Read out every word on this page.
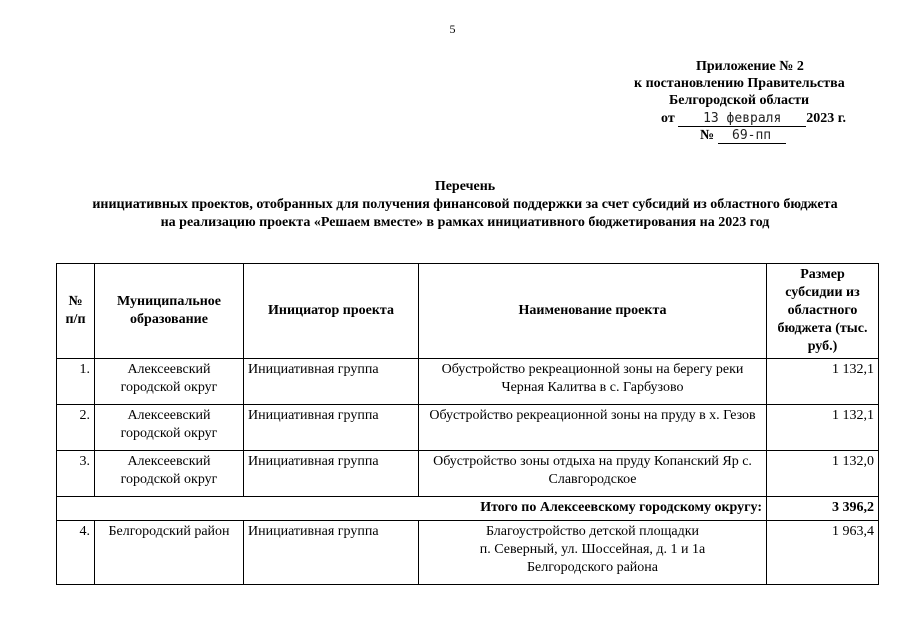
5
Приложение № 2
к постановлению Правительства
Белгородской области
от 13 февраля 2023 г.
№ 69-пп
Перечень
инициативных проектов, отобранных для получения финансовой поддержки за счет субсидий из областного бюджета
на реализацию проекта «Решаем вместе» в рамках инициативного бюджетирования на 2023 год
№ п/п	Муниципальное образование	Инициатор проекта	Наименование проекта	Размер субсидии из областного бюджета (тыс. руб.)
1.	Алексеевский городской округ	Инициативная группа	Обустройство рекреационной зоны на берегу реки Черная Калитва в с. Гарбузово	1 132,1
2.	Алексеевский городской округ	Инициативная группа	Обустройство рекреационной зоны на пруду в х. Гезов	1 132,1
3.	Алексеевский городской округ	Инициативная группа	Обустройство зоны отдыха на пруду Копанский Яр с. Славгородское	1 132,0
Итого по Алексеевскому городскому округу:				3 396,2
4.	Белгородский район	Инициативная группа	Благоустройство детской площадки
п. Северный, ул. Шоссейная, д. 1 и 1а
Белгородского района	1 963,4
